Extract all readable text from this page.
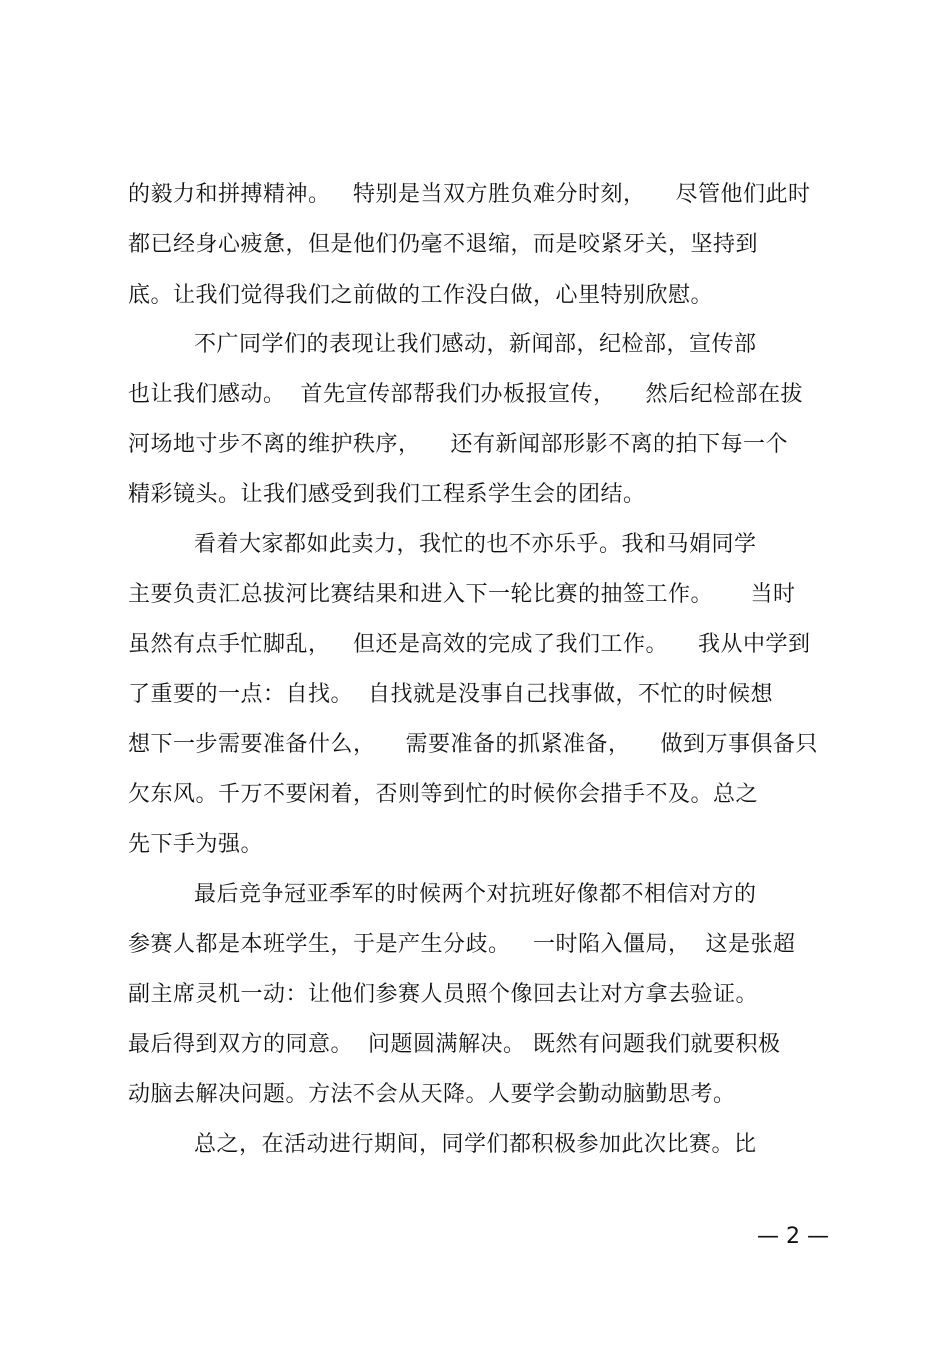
的毅力和拼搏精神。   特别是当双方胜负难分时刻，    尽管他们此时
都已经身心疲惫，但是他们仍毫不退缩，而是咬紧牙关，坚持到
底。让我们觉得我们之前做的工作没白做，心里特别欣慰。
不广同学们的表现让我们感动，新闻部，纪检部，宣传部
也让我们感动。  首先宣传部帮我们办板报宣传，    然后纪检部在拔
河场地寸步不离的维护秩序，    还有新闻部形影不离的拍下每一个
精彩镜头。让我们感受到我们工程系学生会的团结。
看着大家都如此卖力，我忙的也不亦乐乎。我和马娟同学
主要负责汇总拔河比赛结果和进入下一轮比赛的抽签工作。     当时
虽然有点手忙脚乱，   但还是高效的完成了我们工作。    我从中学到
了重要的一点：自找。  自找就是没事自己找事做，不忙的时候想
想下一步需要准备什么，    需要准备的抓紧准备，    做到万事俱备只
欠东风。千万不要闲着，否则等到忙的时候你会措手不及。总之
先下手为强。
最后竞争冠亚季军的时候两个对抗班好像都不相信对方的
参赛人都是本班学生，于是产生分歧。   一时陷入僵局，  这是张超
副主席灵机一动：让他们参赛人员照个像回去让对方拿去验证。
最后得到双方的同意。  问题圆满解决。 既然有问题我们就要积极
动脑去解决问题。方法不会从天降。人要学会勤动脑勤思考。
总之，在活动进行期间，同学们都积极参加此次比赛。比
— 2 —
